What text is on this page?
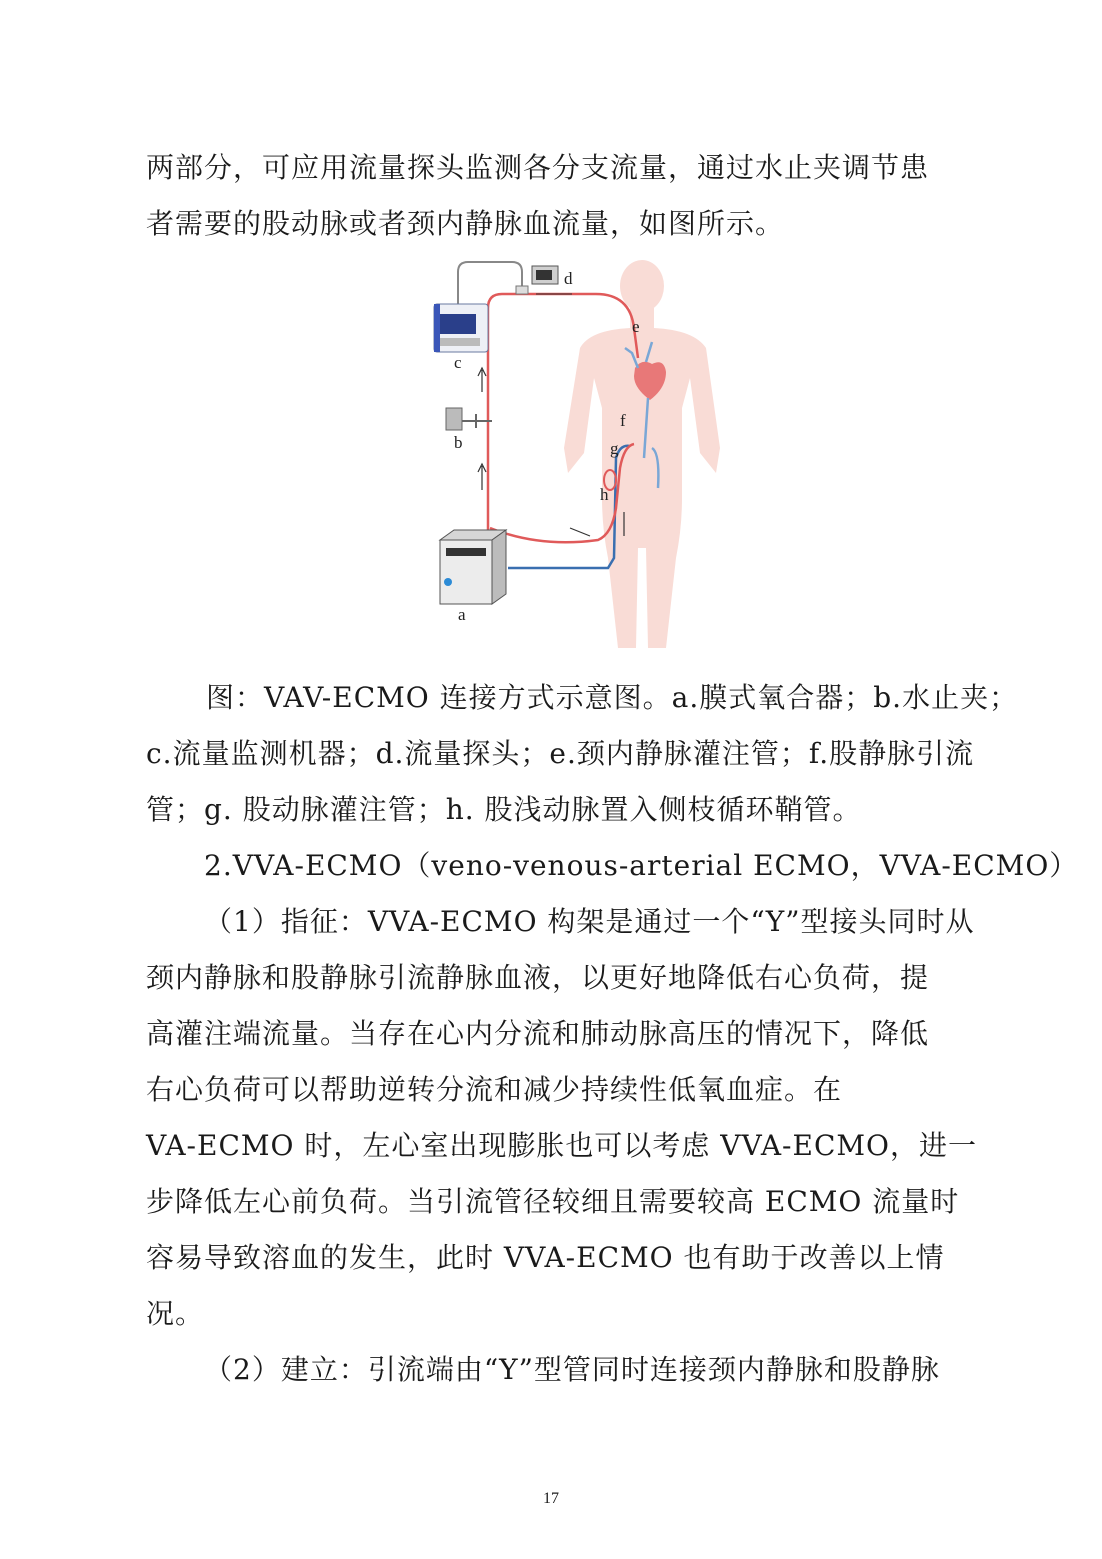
两部分，可应用流量探头监测各分支流量，通过水止夹调节患
者需要的股动脉或者颈内静脉血流量，如图所示。
a
b
c
d
e
f
g
h
图：VAV-ECMO 连接方式示意图。a.膜式氧合器；b.水止夹；
c.流量监测机器；d.流量探头；e.颈内静脉灌注管；f.股静脉引流
管；g. 股动脉灌注管；h. 股浅动脉置入侧枝循环鞘管。
2.VVA-ECMO（veno-venous-arterial ECMO，VVA-ECMO）
（1）指征：VVA-ECMO 构架是通过一个“Y”型接头同时从
颈内静脉和股静脉引流静脉血液，以更好地降低右心负荷，提
高灌注端流量。当存在心内分流和肺动脉高压的情况下，降低
右心负荷可以帮助逆转分流和减少持续性低氧血症。在
VA-ECMO 时，左心室出现膨胀也可以考虑 VVA-ECMO，进一
步降低左心前负荷。当引流管径较细且需要较高 ECMO 流量时
容易导致溶血的发生，此时 VVA-ECMO 也有助于改善以上情
况。
（2）建立：引流端由“Y”型管同时连接颈内静脉和股静脉
17
